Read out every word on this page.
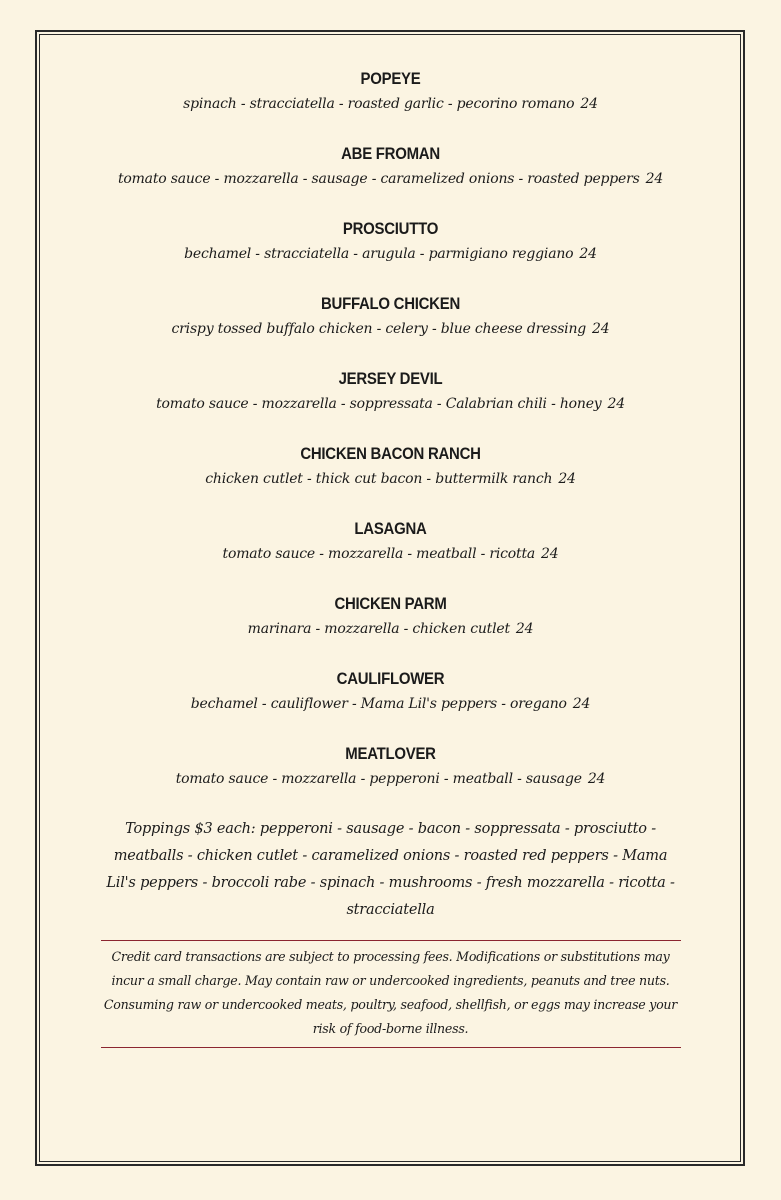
POPEYE
spinach - stracciatella - roasted garlic - pecorino romano 24
ABE FROMAN
tomato sauce - mozzarella - sausage - caramelized onions - roasted peppers 24
PROSCIUTTO
bechamel - stracciatella - arugula - parmigiano reggiano 24
BUFFALO CHICKEN
crispy tossed buffalo chicken - celery - blue cheese dressing 24
JERSEY DEVIL
tomato sauce - mozzarella - soppressata - Calabrian chili - honey 24
CHICKEN BACON RANCH
chicken cutlet - thick cut bacon - buttermilk ranch 24
LASAGNA
tomato sauce - mozzarella - meatball - ricotta 24
CHICKEN PARM
marinara - mozzarella - chicken cutlet 24
CAULIFLOWER
bechamel - cauliflower - Mama Lil's peppers - oregano 24
MEATLOVER
tomato sauce - mozzarella - pepperoni - meatball - sausage 24
Toppings $3 each: pepperoni - sausage - bacon - soppressata - prosciutto - meatballs - chicken cutlet - caramelized onions - roasted red peppers - Mama Lil's peppers - broccoli rabe - spinach - mushrooms - fresh mozzarella - ricotta - stracciatella
Credit card transactions are subject to processing fees. Modifications or substitutions may incur a small charge. May contain raw or undercooked ingredients, peanuts and tree nuts. Consuming raw or undercooked meats, poultry, seafood, shellfish, or eggs may increase your risk of food-borne illness.
